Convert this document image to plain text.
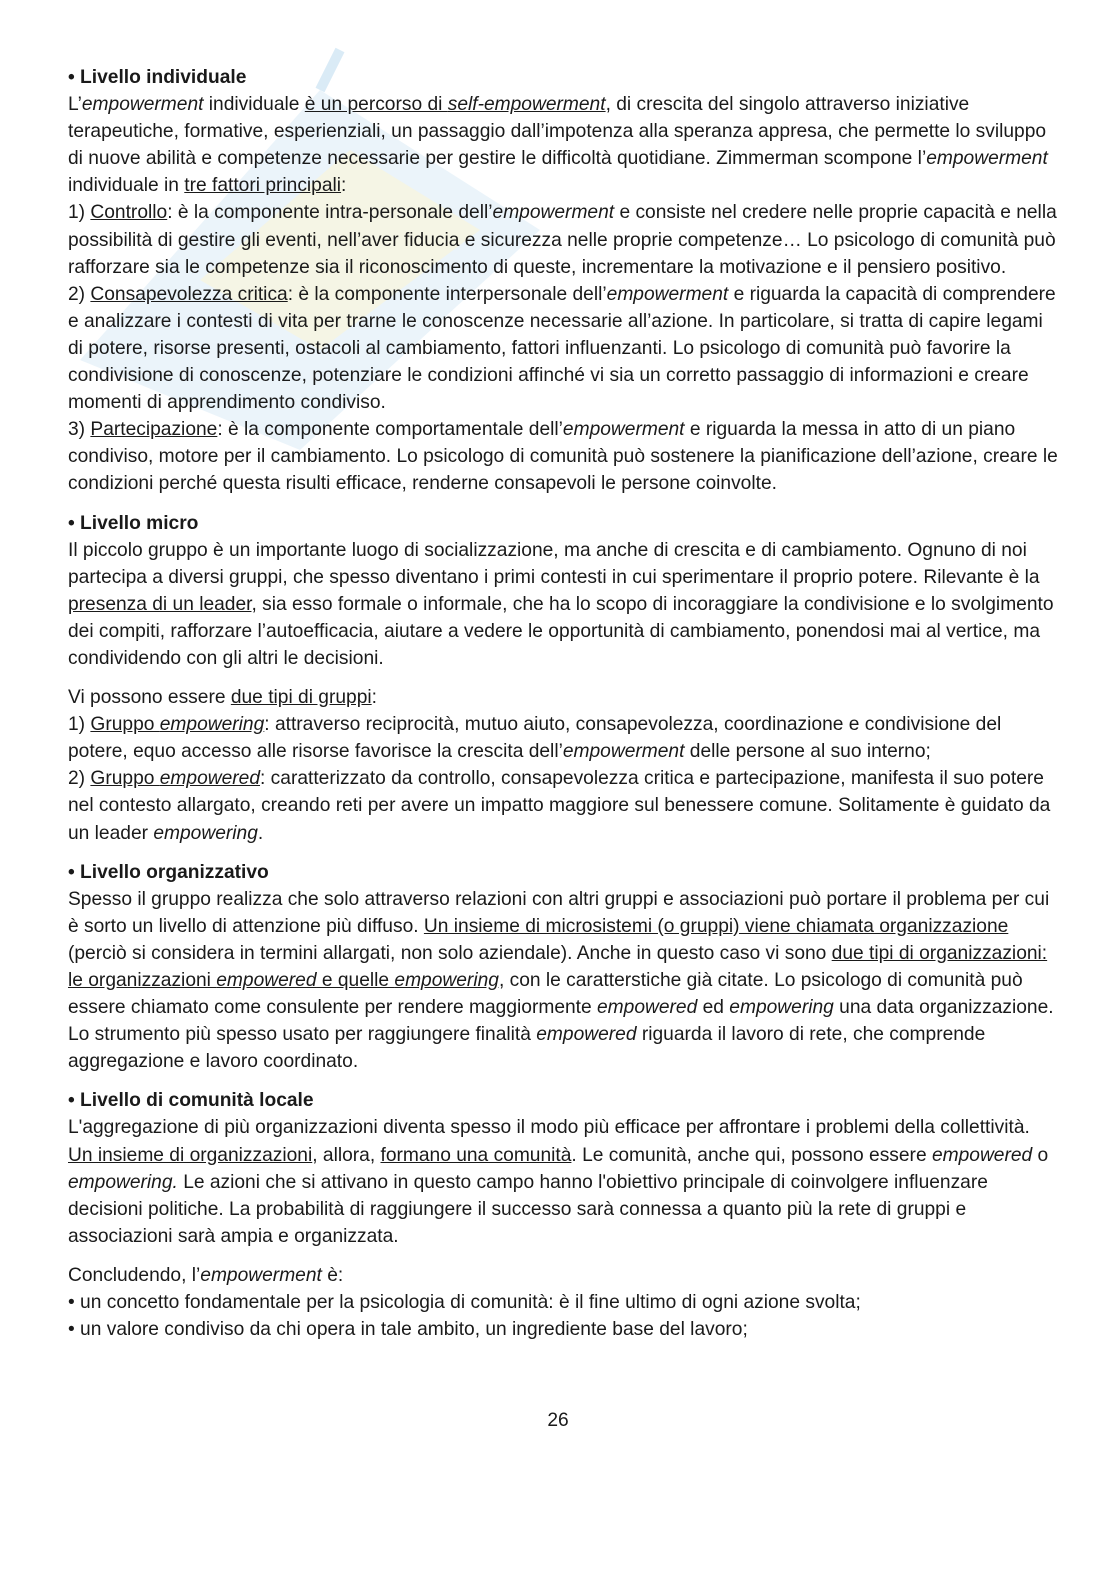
• Livello individuale

L’empowerment individuale è un percorso di self-empowerment, di crescita del singolo attraverso iniziative terapeutiche, formative, esperienziali, un passaggio dall’impotenza alla speranza appresa, che permette lo sviluppo di nuove abilità e competenze necessarie per gestire le difficoltà quotidiane. Zimmerman scompone l’empowerment individuale in tre fattori principali:

1) Controllo: è la componente intra-personale dell’empowerment e consiste nel credere nelle proprie capacità e nella possibilità di gestire gli eventi, nell’aver fiducia e sicurezza nelle proprie competenze… Lo psicologo di comunità può rafforzare sia le competenze sia il riconoscimento di queste, incrementare la motivazione e il pensiero positivo.

2) Consapevolezza critica: è la componente interpersonale dell’empowerment e riguarda la capacità di comprendere e analizzare i contesti di vita per trarne le conoscenze necessarie all’azione. In particolare, si tratta di capire legami di potere, risorse presenti, ostacoli al cambiamento, fattori influenzanti. Lo psicologo di comunità può favorire la condivisione di conoscenze, potenziare le condizioni affinché vi sia un corretto passaggio di informazioni e creare momenti di apprendimento condiviso.

3) Partecipazione: è la componente comportamentale dell’empowerment e riguarda la messa in atto di un piano condiviso, motore per il cambiamento. Lo psicologo di comunità può sostenere la pianificazione dell’azione, creare le condizioni perché questa risulti efficace, renderne consapevoli le persone coinvolte.

• Livello micro

Il piccolo gruppo è un importante luogo di socializzazione, ma anche di crescita e di cambiamento. Ognuno di noi partecipa a diversi gruppi, che spesso diventano i primi contesti in cui sperimentare il proprio potere. Rilevante è la presenza di un leader, sia esso formale o informale, che ha lo scopo di incoraggiare la condivisione e lo svolgimento dei compiti, rafforzare l’autoefficacia, aiutare a vedere le opportunità di cambiamento, ponendosi mai al vertice, ma condividendo con gli altri le decisioni.

Vi possono essere due tipi di gruppi:

1) Gruppo empowering: attraverso reciprocità, mutuo aiuto, consapevolezza, coordinazione e condivisione del potere, equo accesso alle risorse favorisce la crescita dell’empowerment delle persone al suo interno;

2) Gruppo empowered: caratterizzato da controllo, consapevolezza critica e partecipazione, manifesta il suo potere nel contesto allargato, creando reti per avere un impatto maggiore sul benessere comune. Solitamente è guidato da un leader empowering.

• Livello organizzativo

Spesso il gruppo realizza che solo attraverso relazioni con altri gruppi e associazioni può portare il problema per cui è sorto un livello di attenzione più diffuso. Un insieme di microsistemi (o gruppi) viene chiamata organizzazione (perciò si considera in termini allargati, non solo aziendale). Anche in questo caso vi sono due tipi di organizzazioni: le organizzazioni empowered e quelle empowering, con le caratterstiche già citate. Lo psicologo di comunità può essere chiamato come consulente per rendere maggiormente empowered ed empowering una data organizzazione. Lo strumento più spesso usato per raggiungere finalità empowered riguarda il lavoro di rete, che comprende aggregazione e lavoro coordinato.

• Livello di comunità locale

L'aggregazione di più organizzazioni diventa spesso il modo più efficace per affrontare i problemi della collettività. Un insieme di organizzazioni, allora, formano una comunità. Le comunità, anche qui, possono essere empowered o empowering. Le azioni che si attivano in questo campo hanno l'obiettivo principale di coinvolgere influenzare decisioni politiche. La probabilità di raggiungere il successo sarà connessa a quanto più la rete di gruppi e associazioni sarà ampia e organizzata.

Concludendo, l’empowerment è:

• un concetto fondamentale per la psicologia di comunità: è il fine ultimo di ogni azione svolta;

• un valore condiviso da chi opera in tale ambito, un ingrediente base del lavoro;

26
